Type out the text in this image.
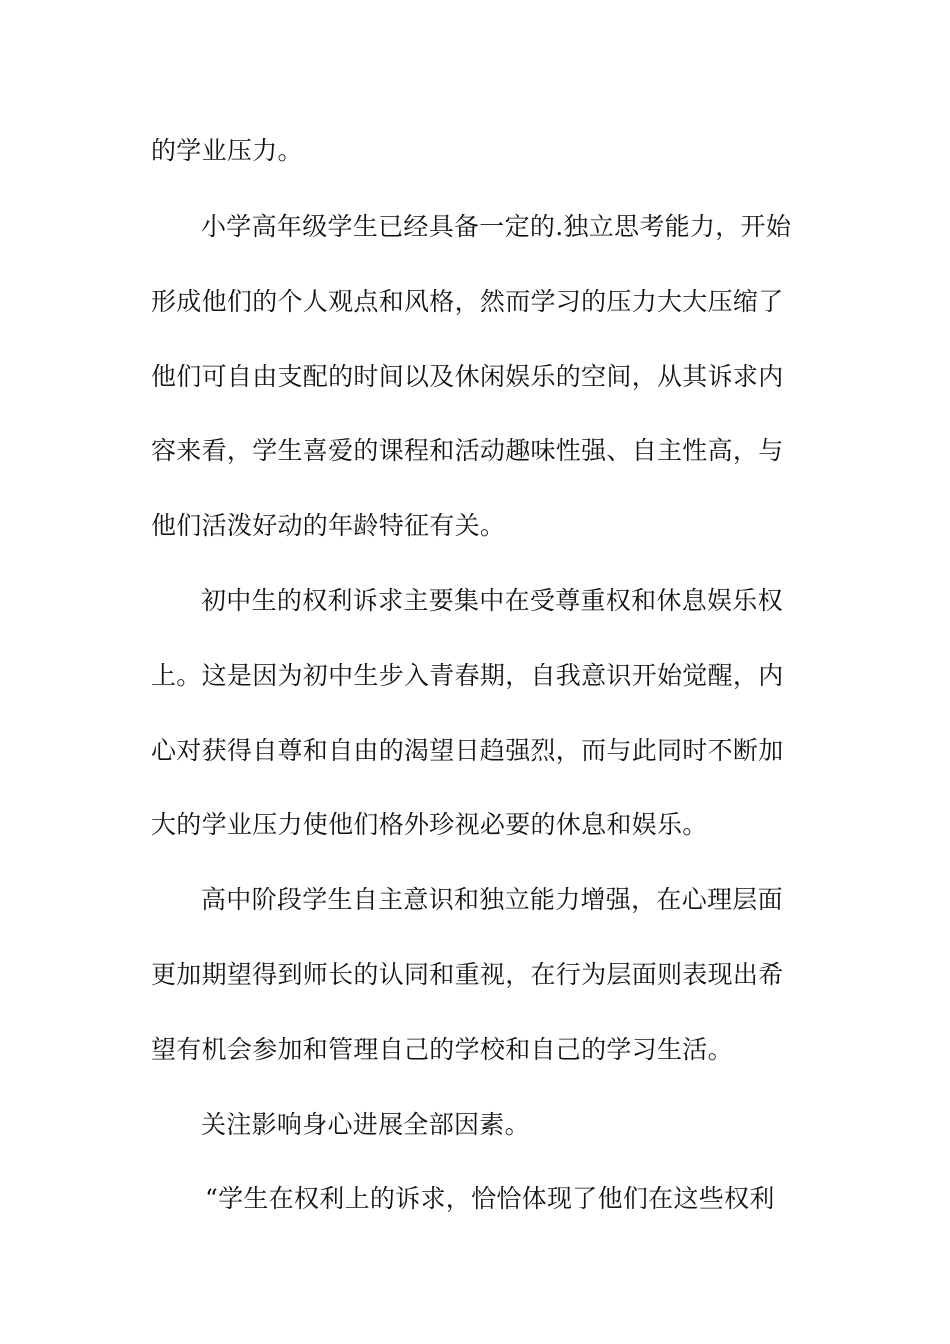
的学业压力。
小学高年级学生已经具备一定的.独立思考能力，开始
形成他们的个人观点和风格，然而学习的压力大大压缩了
他们可自由支配的时间以及休闲娱乐的空间，从其诉求内
容来看，学生喜爱的课程和活动趣味性强、自主性高，与
他们活泼好动的年龄特征有关。
初中生的权利诉求主要集中在受尊重权和休息娱乐权
上。这是因为初中生步入青春期，自我意识开始觉醒，内
心对获得自尊和自由的渴望日趋强烈，而与此同时不断加
大的学业压力使他们格外珍视必要的休息和娱乐。
高中阶段学生自主意识和独立能力增强，在心理层面
更加期望得到师长的认同和重视，在行为层面则表现出希
望有机会参加和管理自己的学校和自己的学习生活。
关注影响身心进展全部因素。
“学生在权利上的诉求，恰恰体现了他们在这些权利
